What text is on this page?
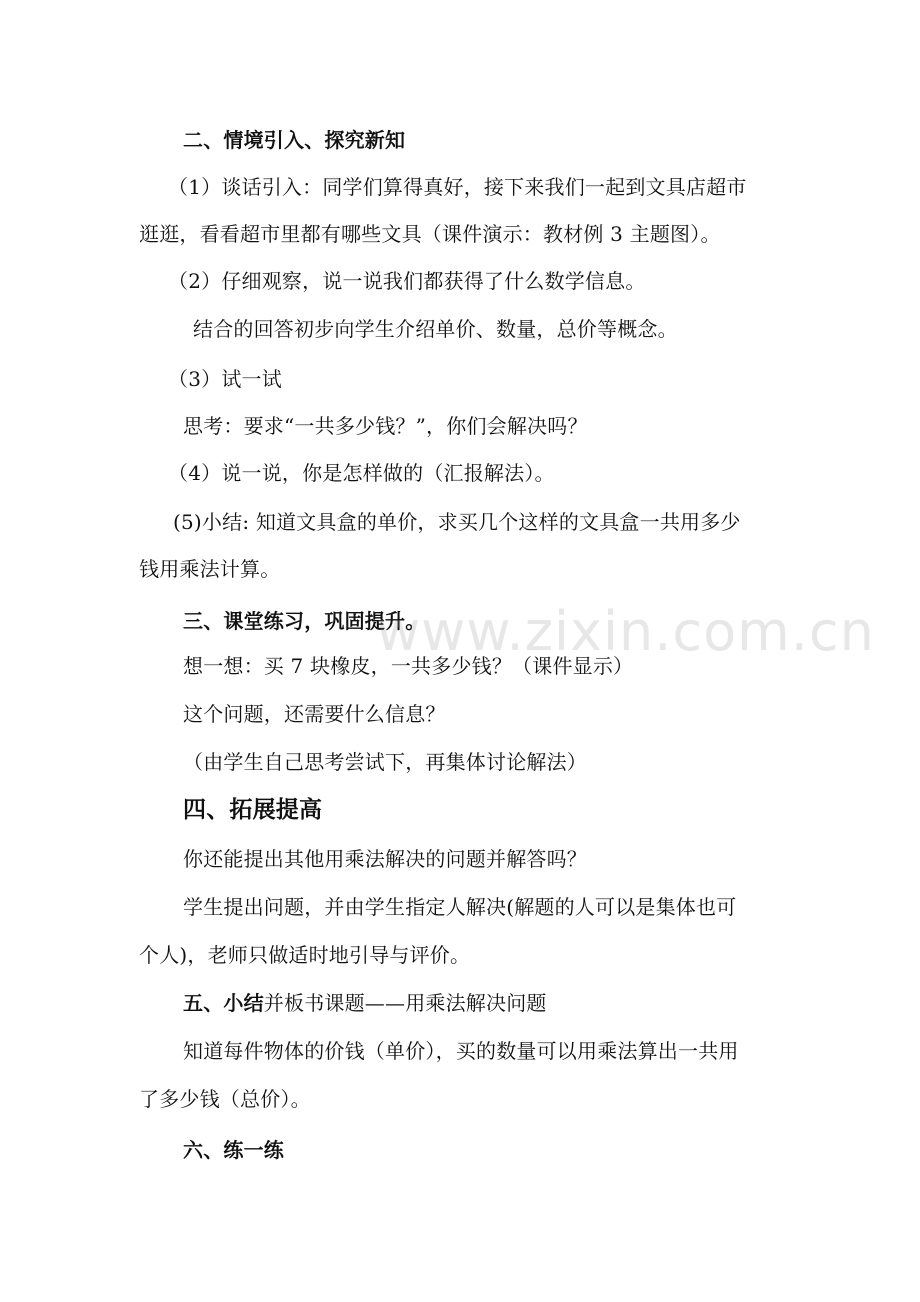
二、情境引入、探究新知
（1）谈话引入：同学们算得真好，接下来我们一起到文具店超市
逛逛，看看超市里都有哪些文具（课件演示：教材例 3 主题图）。
（2）仔细观察，说一说我们都获得了什么数学信息。
结合的回答初步向学生介绍单价、数量，总价等概念。
（3）试一试
思考：要求“一共多少钱？”，你们会解决吗？
（4）说一说，你是怎样做的（汇报解法）。
(5)小结: 知道文具盒的单价，求买几个这样的文具盒一共用多少
钱用乘法计算。
三、课堂练习，巩固提升。
想一想：买 7 块橡皮，一共多少钱？（课件显示）
这个问题，还需要什么信息？
（由学生自己思考尝试下，再集体讨论解法）
四、拓展提高
你还能提出其他用乘法解决的问题并解答吗？
学生提出问题，并由学生指定人解决(解题的人可以是集体也可
个人)，老师只做适时地引导与评价。
五、小结并板书课题——用乘法解决问题
知道每件物体的价钱（单价），买的数量可以用乘法算出一共用
了多少钱（总价）。
六、练一练
www.zixin.com.cn
